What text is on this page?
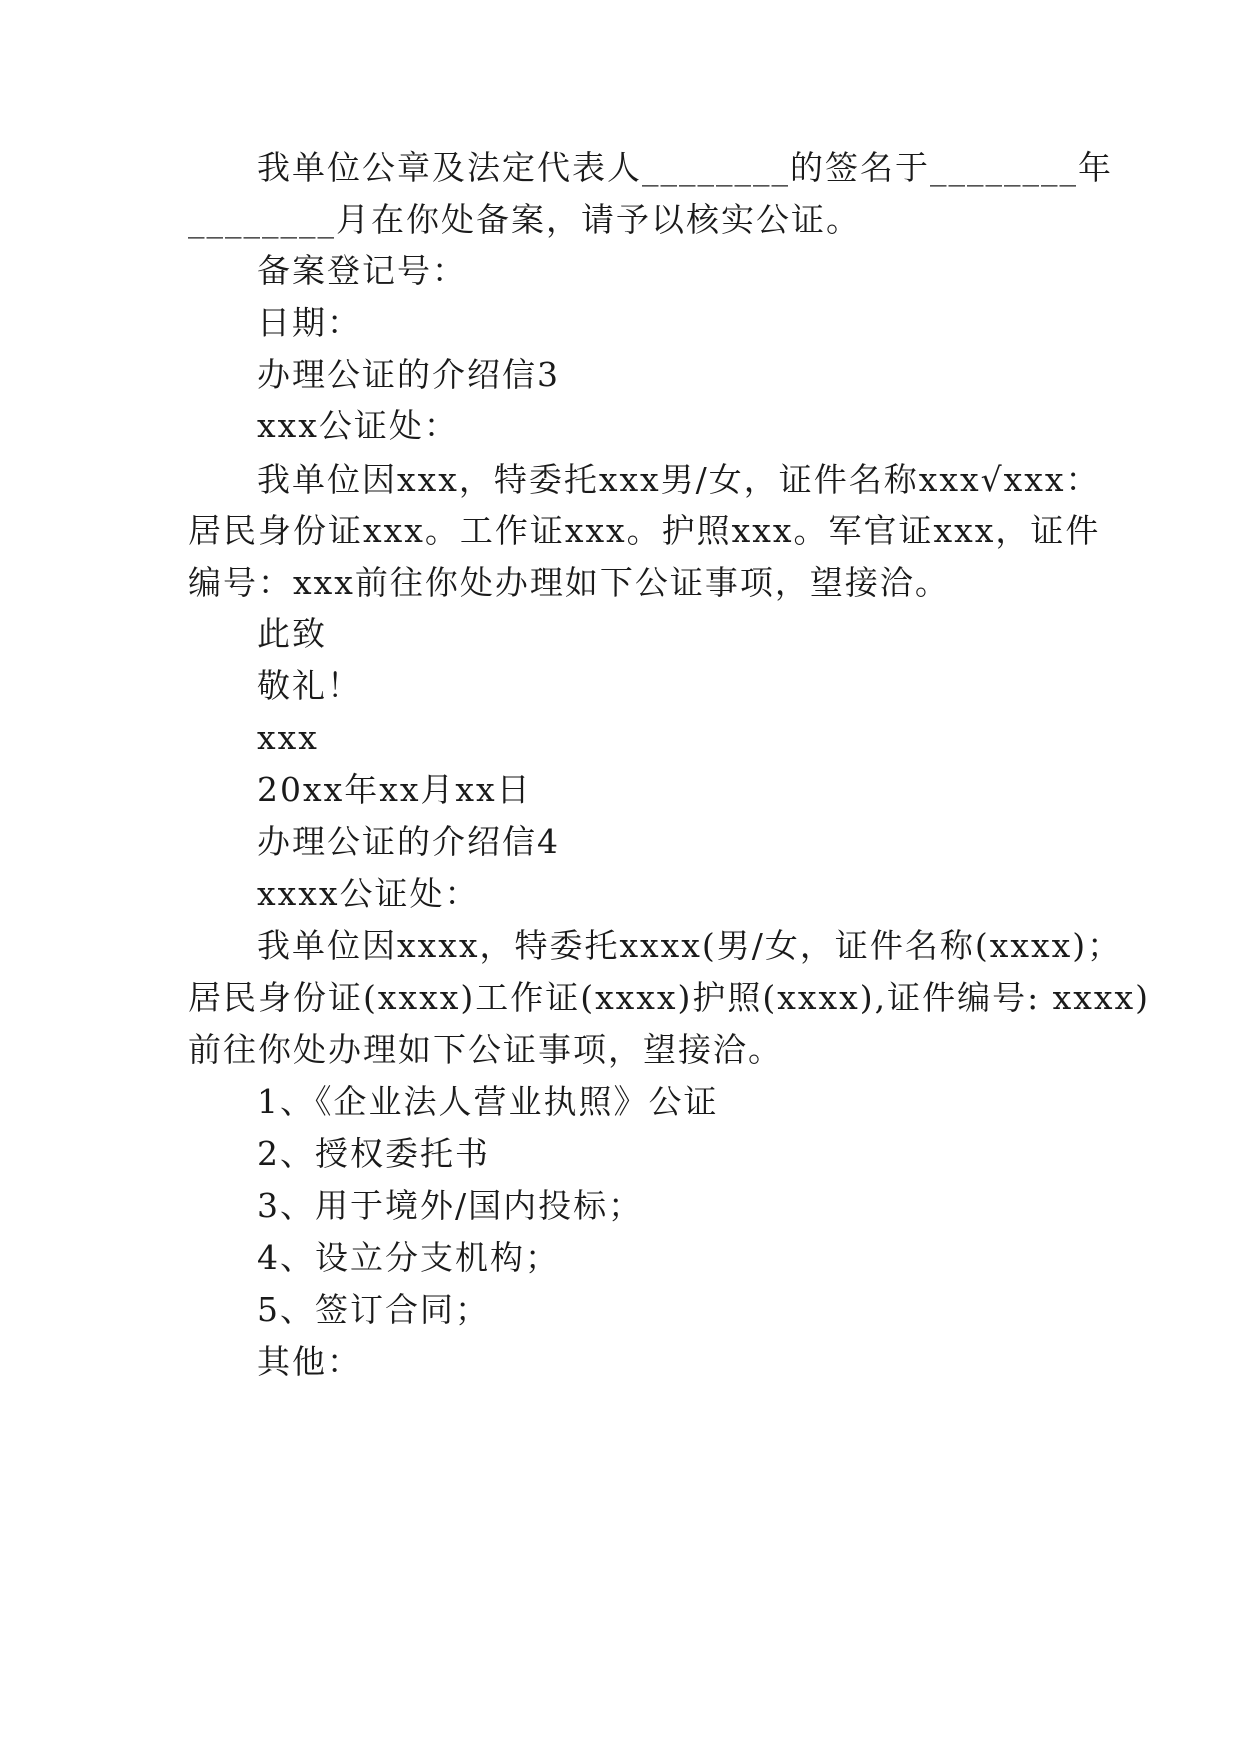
我单位公章及法定代表人________的签名于________年
________月在你处备案，请予以核实公证。
备案登记号：
日期：
办理公证的介绍信3
xxx公证处：
我单位因xxx，特委托xxx男/女，证件名称xxx√xxx：
居民身份证xxx。工作证xxx。护照xxx。军官证xxx，证件
编号：xxx前往你处办理如下公证事项，望接洽。
此致
敬礼！
xxx
20xx年xx月xx日
办理公证的介绍信4
xxxx公证处：
我单位因xxxx，特委托xxxx(男/女，证件名称(xxxx)；
居民身份证(xxxx)工作证(xxxx)护照(xxxx),证件编号: xxxx)
前往你处办理如下公证事项，望接洽。
1、《企业法人营业执照》公证
2、授权委托书
3、用于境外/国内投标；
4、设立分支机构；
5、签订合同；
其他：
